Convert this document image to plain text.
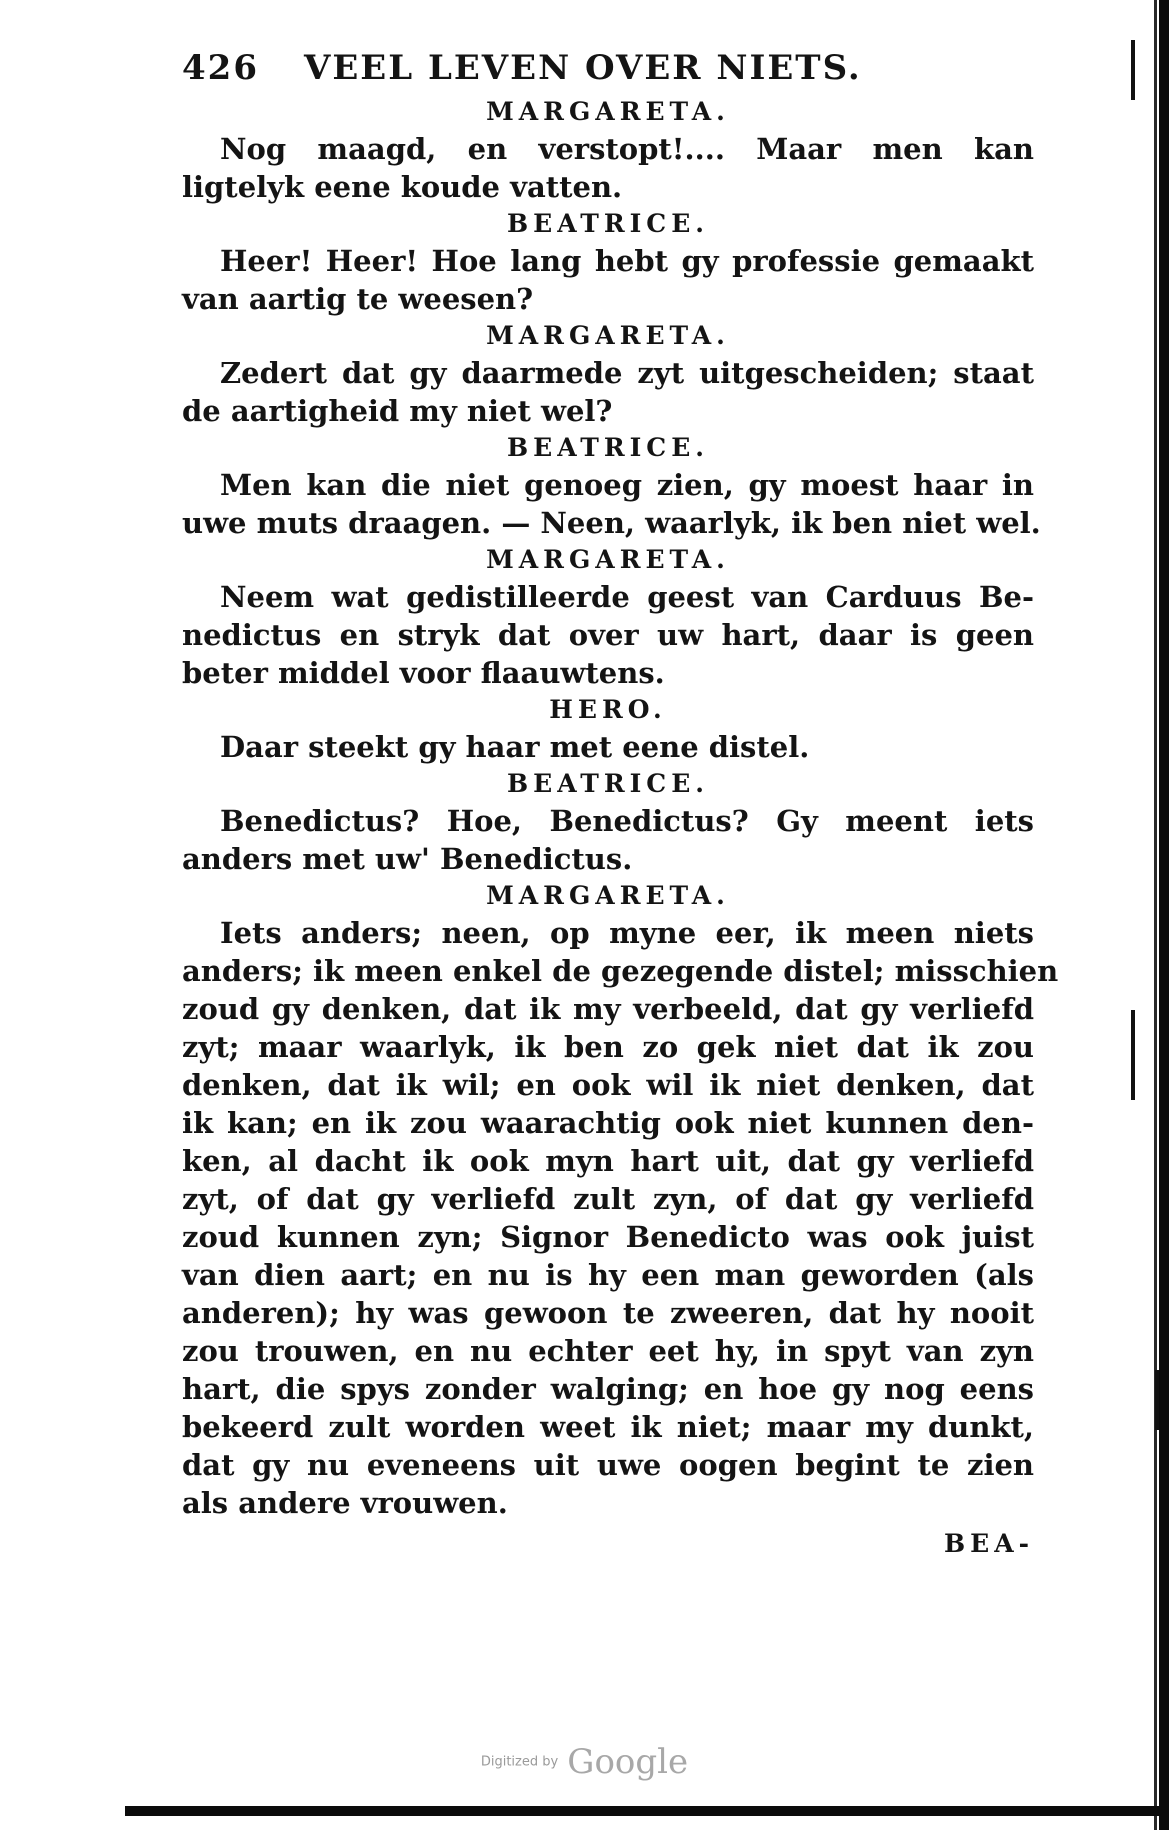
426	VEEL LEVEN OVER NIETS.
MARGARETA.
Nog maagd, en verstopt!.... Maar men kan
ligtelyk eene koude vatten.
BEATRICE.
Heer! Heer! Hoe lang hebt gy professie gemaakt
van aartig te weesen?
MARGARETA.
Zedert dat gy daarmede zyt uitgescheiden; staat
de aartigheid my niet wel?
BEATRICE.
Men kan die niet genoeg zien, gy moest haar in
uwe muts draagen. — Neen, waarlyk, ik ben niet wel.
MARGARETA.
Neem wat gedistilleerde geest van Carduus Be-
nedictus en stryk dat over uw hart, daar is geen
beter middel voor flaauwtens.
HERO.
Daar steekt gy haar met eene distel.
BEATRICE.
Benedictus? Hoe, Benedictus? Gy meent iets
anders met uw' Benedictus.
MARGARETA.
Iets anders; neen, op myne eer, ik meen niets
anders; ik meen enkel de gezegende distel; misschien
zoud gy denken, dat ik my verbeeld, dat gy verliefd
zyt; maar waarlyk, ik ben zo gek niet dat ik zou
denken, dat ik wil; en ook wil ik niet denken, dat
ik kan; en ik zou waarachtig ook niet kunnen den-
ken, al dacht ik ook myn hart uit, dat gy verliefd
zyt, of dat gy verliefd zult zyn, of dat gy verliefd
zoud kunnen zyn; Signor Benedicto was ook juist
van dien aart; en nu is hy een man geworden (als
anderen); hy was gewoon te zweeren, dat hy nooit
zou trouwen, en nu echter eet hy, in spyt van zyn
hart, die spys zonder walging; en hoe gy nog eens
bekeerd zult worden weet ik niet; maar my dunkt,
dat gy nu eveneens uit uwe oogen begint te zien
als andere vrouwen.
BEA-
Digitized by Google
